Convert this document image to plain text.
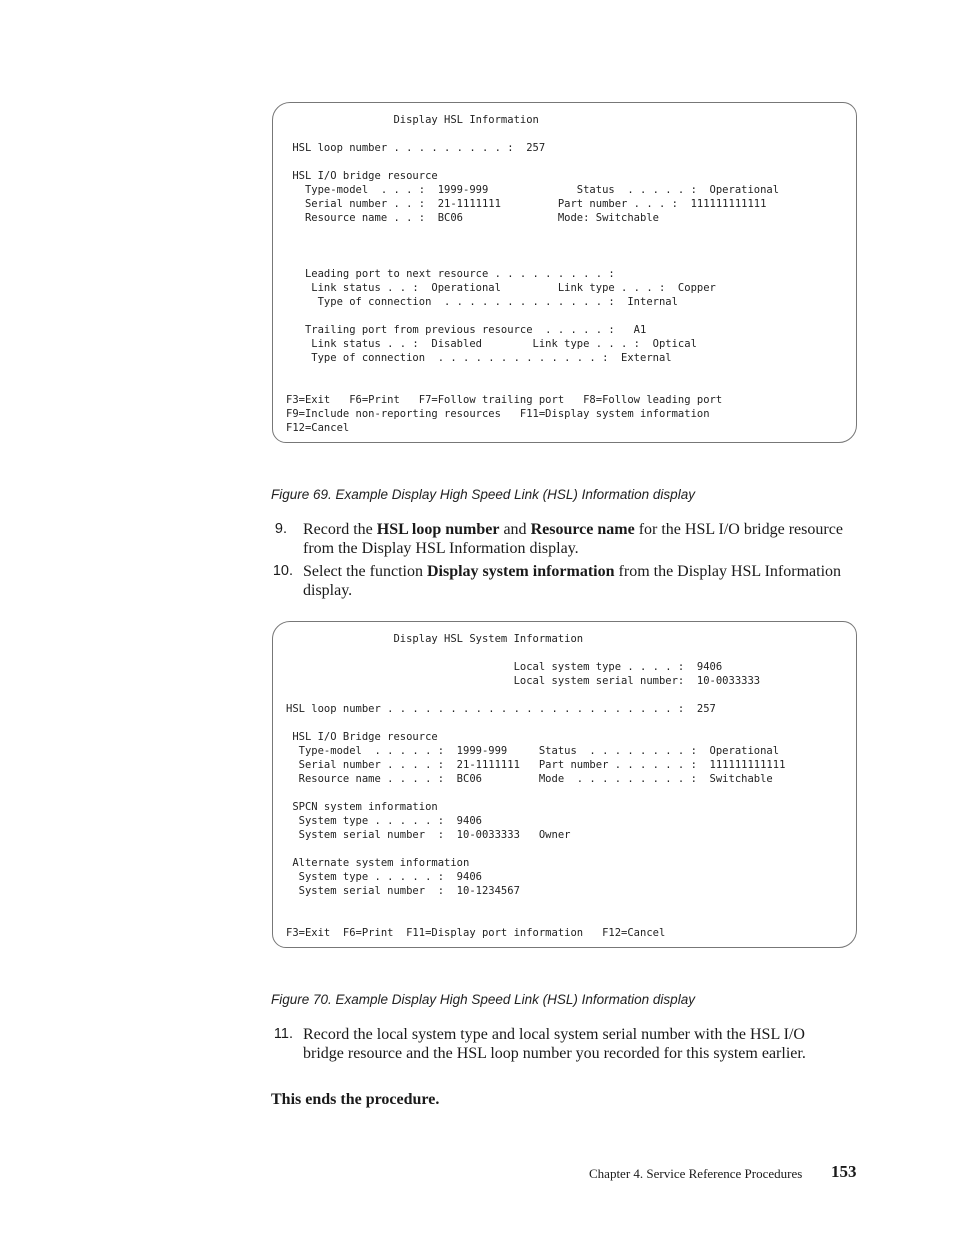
Display HSL Information

HSL loop number . . . . . . . . . :  257

HSL I/O bridge resource
Type-model  . . . :  1999-999              Status  . . . . . :  Operational
Serial number . . :  21-1111111         Part number . . . :  111111111111
Resource name . . :  BC06               Mode: Switchable

Leading port to next resource . . . . . . . . . :
Link status . . :  Operational         Link type . . . :  Copper
Type of connection  . . . . . . . . . . . . . :  Internal

Trailing port from previous resource  . . . . . :   A1
Link status . . :  Disabled        Link type . . . :  Optical
Type of connection  . . . . . . . . . . . . . :  External

F3=Exit   F6=Print   F7=Follow trailing port   F8=Follow leading port
F9=Include non-reporting resources   F11=Display system information
F12=Cancel

Figure 69. Example Display High Speed Link (HSL) Information display

9. Record the HSL loop number and Resource name for the HSL I/O bridge resource from the Display HSL Information display.
10. Select the function Display system information from the Display HSL Information display.
Display HSL System Information

Local system type . . . . :  9406
Local system serial number:  10-0033333

HSL loop number . . . . . . . . . . . . . . . . . . . . . . . :  257

HSL I/O Bridge resource
Type-model  . . . . . :  1999-999     Status  . . . . . . . . :  Operational
Serial number . . . . :  21-1111111   Part number . . . . . . :  111111111111
Resource name . . . . :  BC06         Mode  . . . . . . . . . :  Switchable

SPCN system information
System type . . . . . :  9406
System serial number  :  10-0033333   Owner

Alternate system information
System type . . . . . :  9406
System serial number  :  10-1234567

F3=Exit  F6=Print  F11=Display port information   F12=Cancel

Figure 70. Example Display High Speed Link (HSL) Information display

11. Record the local system type and local system serial number with the HSL I/O bridge resource and the HSL loop number you recorded for this system earlier.
This ends the procedure.
Chapter 4. Service Reference Procedures 153
